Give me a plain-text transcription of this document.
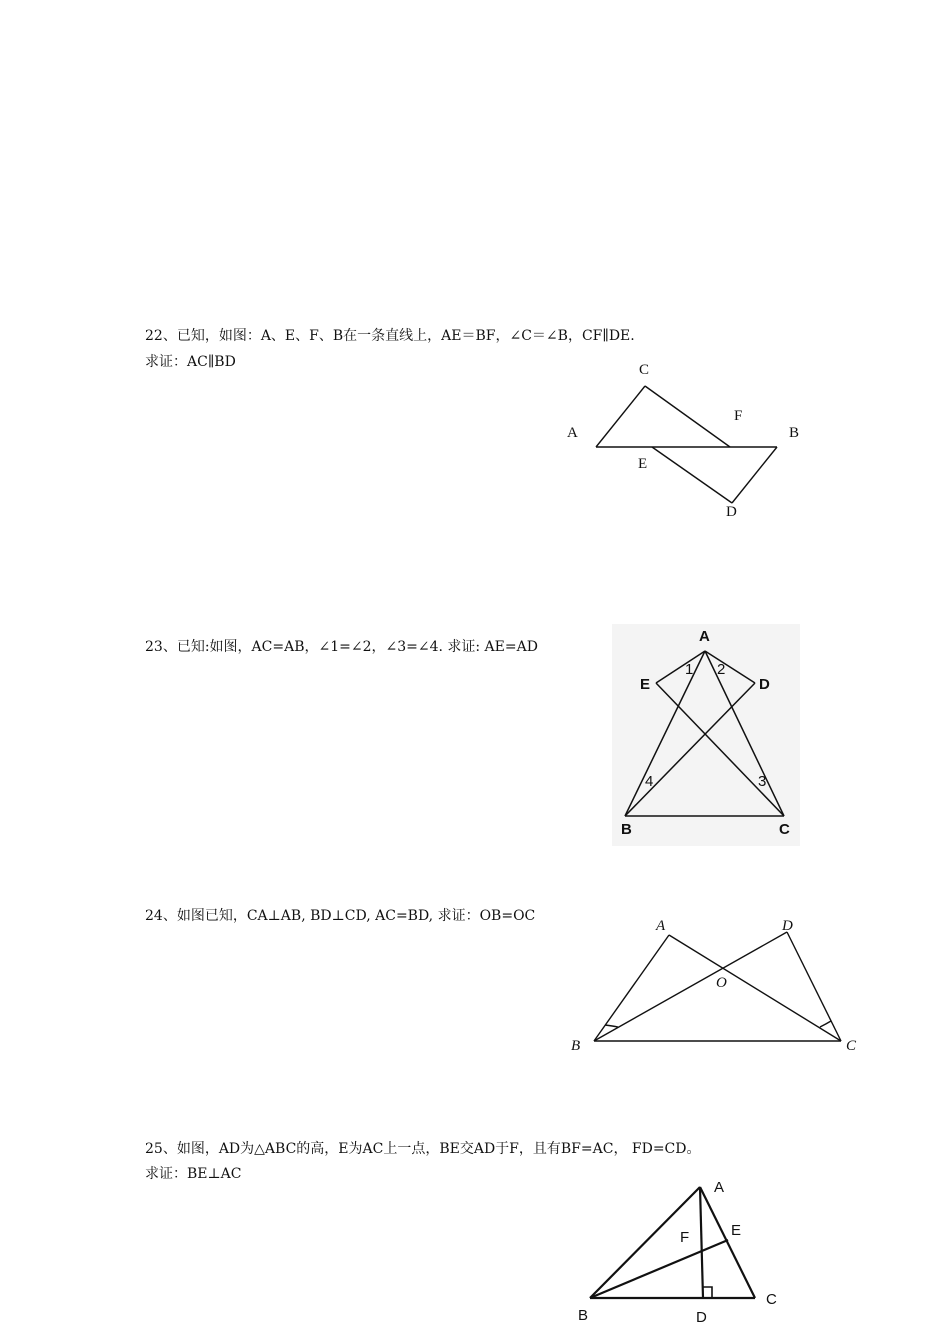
22、已知，如图：A、E、F、B在一条直线上，AE＝BF，∠C＝∠B，CF∥DE.
求证：AC∥BD	C
F
A	B
E
D
23、已知:如图，AC=AB，∠1=∠2，∠3=∠4. 求证: AE=AD
A
E	D
B	C
1 2
3
4
24、如图已知，CA⊥AB, BD⊥CD, AC=BD, 求证：OB=OC
A	D
O
B	C
25、如图，AD为△ABC的高，E为AC上一点，BE交AD于F，且有BF=AC， FD=CD。
求证：BE⊥AC
A
F	E
B	D
C
